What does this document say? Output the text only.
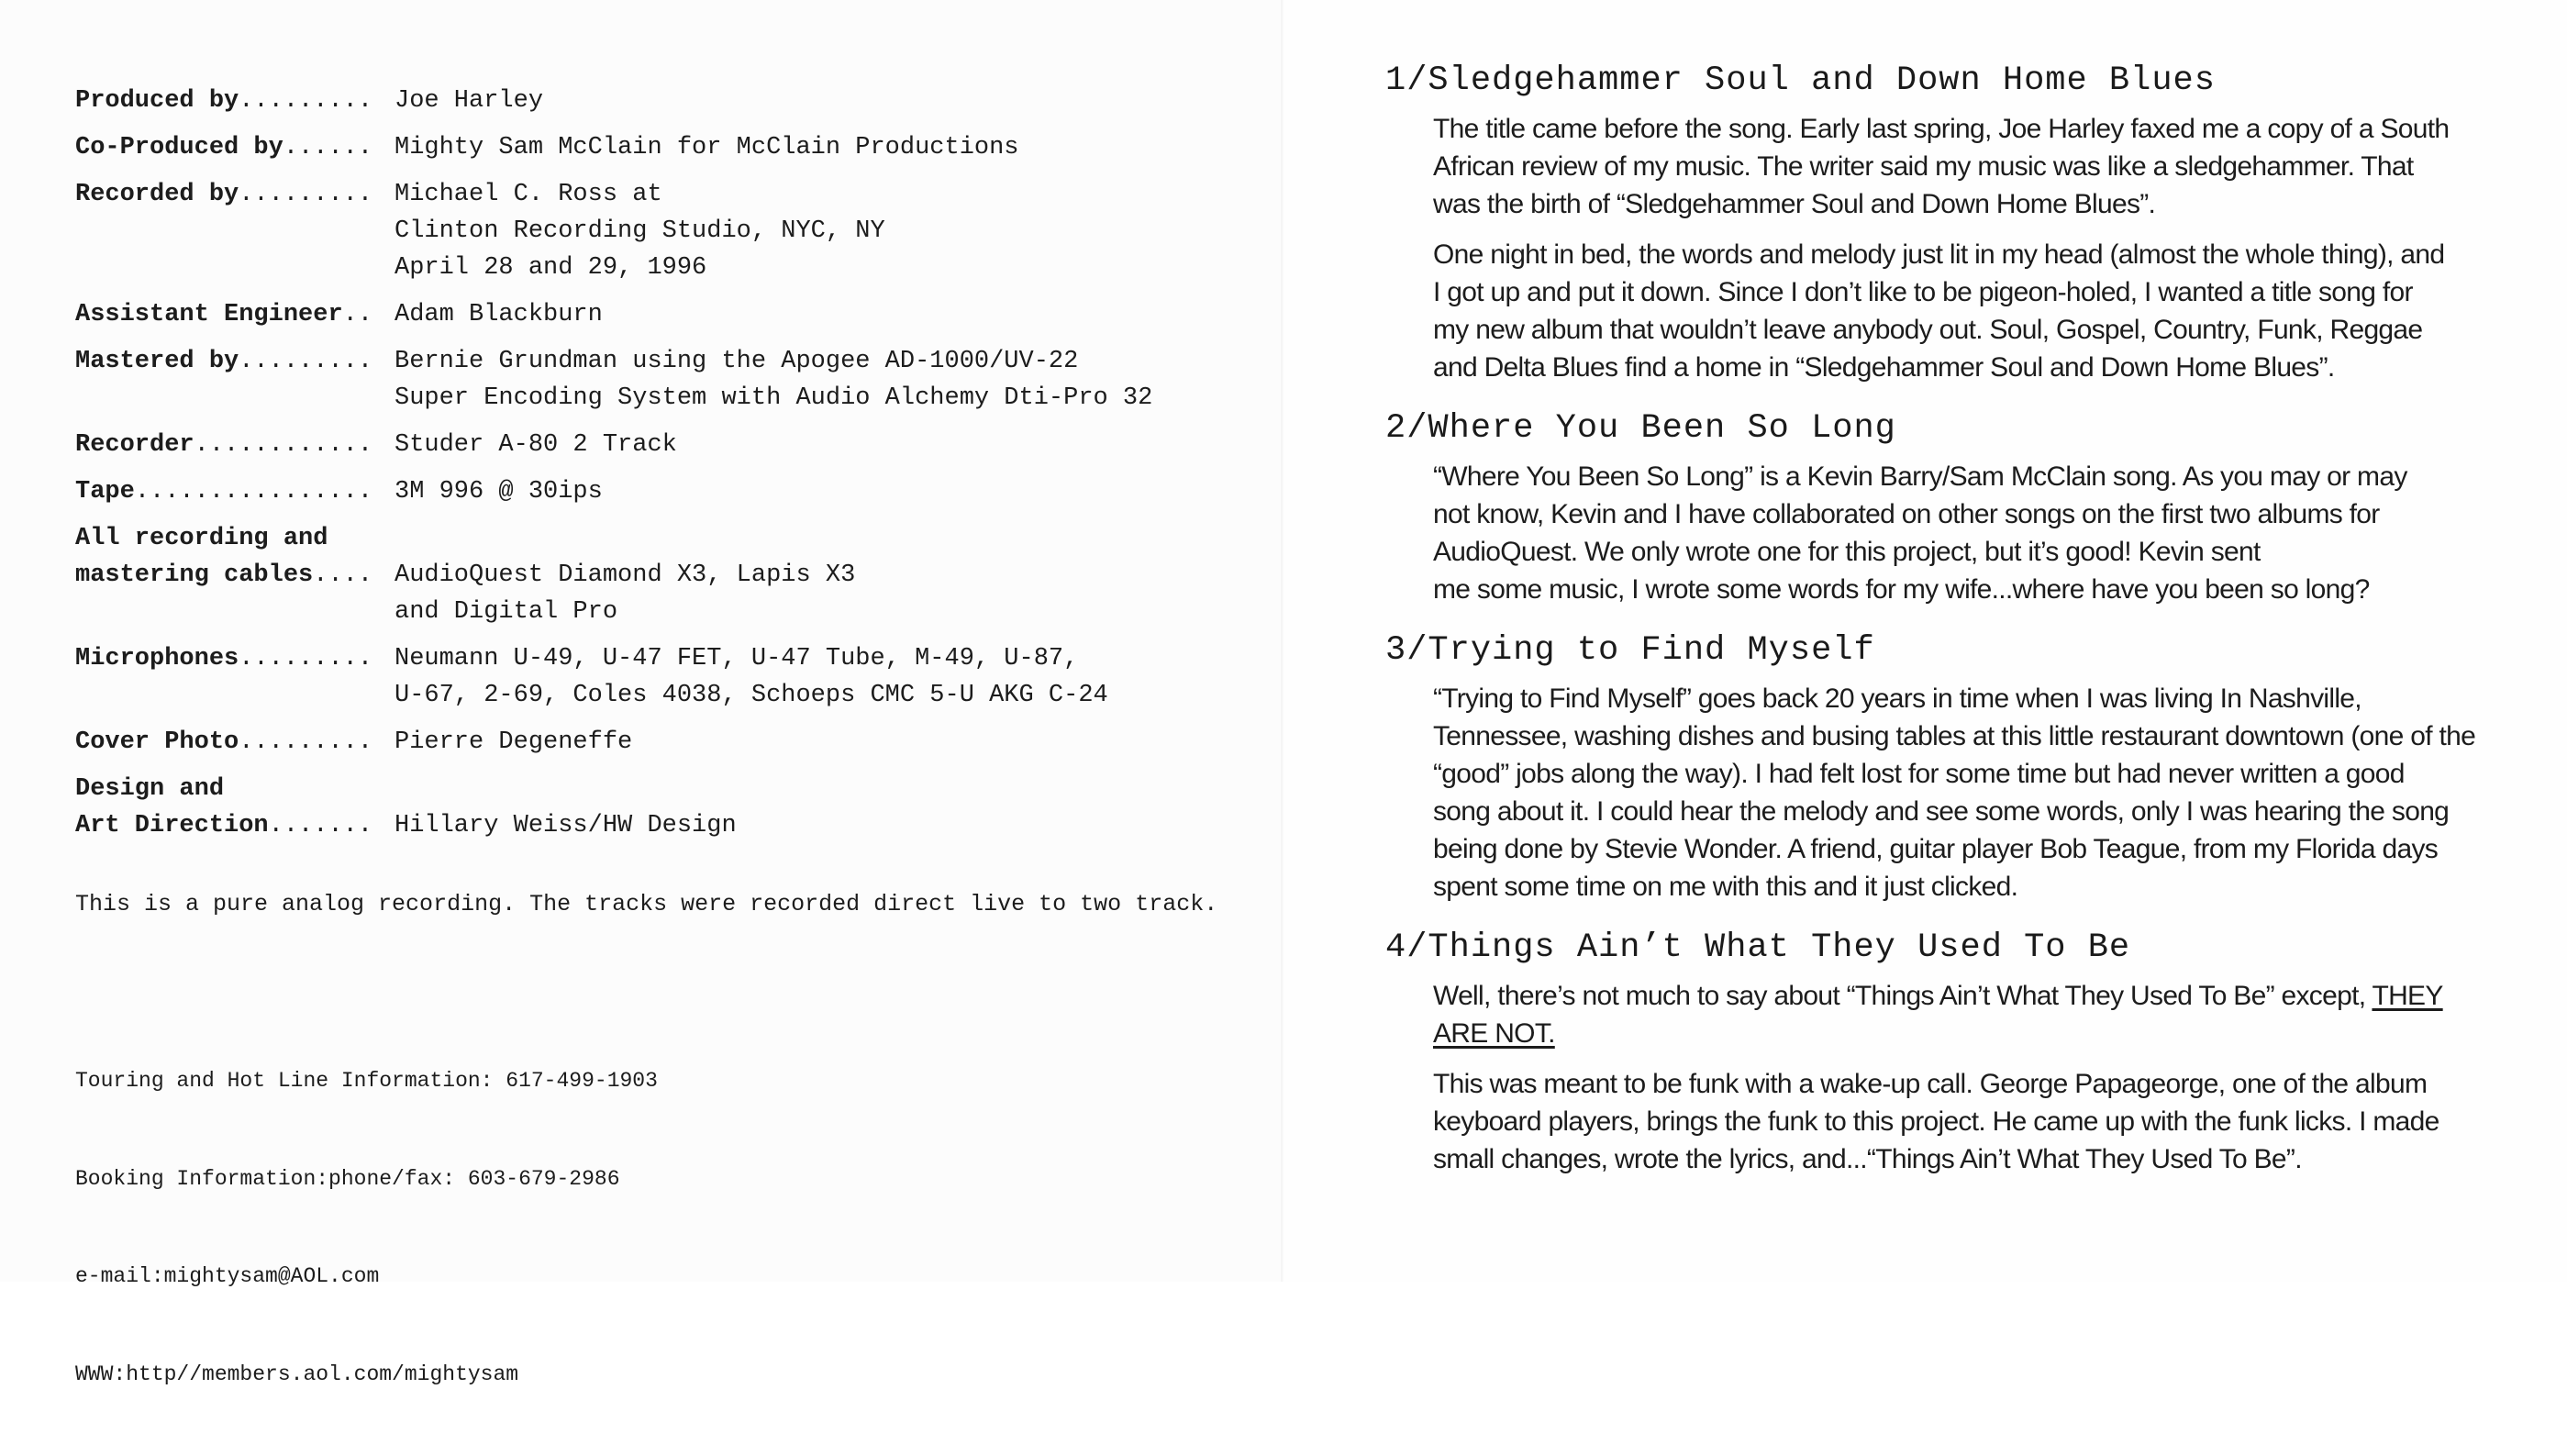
Produced by......... Joe Harley
Co-Produced by...... Mighty Sam McClain for McClain Productions
Recorded by......... Michael C. Ross at
Clinton Recording Studio, NYC, NY
April 28 and 29, 1996
Assistant Engineer.. Adam Blackburn
Mastered by......... Bernie Grundman using the Apogee AD-1000/UV-22
Super Encoding System with Audio Alchemy Dti-Pro 32
Recorder............ Studer A-80 2 Track
Tape................ 3M 996 @ 30ips
All recording and
mastering cables.... AudioQuest Diamond X3, Lapis X3
and Digital Pro
Microphones......... Neumann U-49, U-47 FET, U-47 Tube, M-49, U-87,
U-67, 2-69, Coles 4038, Schoeps CMC 5-U AKG C-24
Cover Photo......... Pierre Degeneffe
Design and
Art Direction....... Hillary Weiss/HW Design
This is a pure analog recording. The tracks were recorded direct live to two track.

Touring and Hot Line Information: 617-499-1903

Booking Information:phone/fax: 603-679-2986

e-mail:mightysam@AOL.com

WWW:http//members.aol.com/mightysam

1/Sledgehammer Soul and Down Home Blues
The title came before the song. Early last spring, Joe Harley faxed me a copy of a South
African review of my music. The writer said my music was like a sledgehammer. That
was the birth of “Sledgehammer Soul and Down Home Blues”.
One night in bed, the words and melody just lit in my head (almost the whole thing), and
I got up and put it down. Since I don’t like to be pigeon-holed, I wanted a title song for
my new album that wouldn’t leave anybody out. Soul, Gospel, Country, Funk, Reggae
and Delta Blues find a home in “Sledgehammer Soul and Down Home Blues”.
2/Where You Been So Long
“Where You Been So Long” is a Kevin Barry/Sam McClain song. As you may or may
not know, Kevin and I have collaborated on other songs on the first two albums for
AudioQuest. We only wrote one for this project, but it’s good! Kevin sent
me some music, I wrote some words for my wife...where have you been so long?
3/Trying to Find Myself
“Trying to Find Myself” goes back 20 years in time when I was living In Nashville,
Tennessee, washing dishes and busing tables at this little restaurant downtown (one of the
“good” jobs along the way). I had felt lost for some time but had never written a good
song about it. I could hear the melody and see some words, only I was hearing the song
being done by Stevie Wonder. A friend, guitar player Bob Teague, from my Florida days
spent some time on me with this and it just clicked.
4/Things Ain’t What They Used To Be
Well, there’s not much to say about “Things Ain’t What They Used To Be” except, THEY
ARE NOT.
This was meant to be funk with a wake-up call. George Papageorge, one of the album
keyboard players, brings the funk to this project. He came up with the funk licks. I made
small changes, wrote the lyrics, and...“Things Ain’t What They Used To Be”.
